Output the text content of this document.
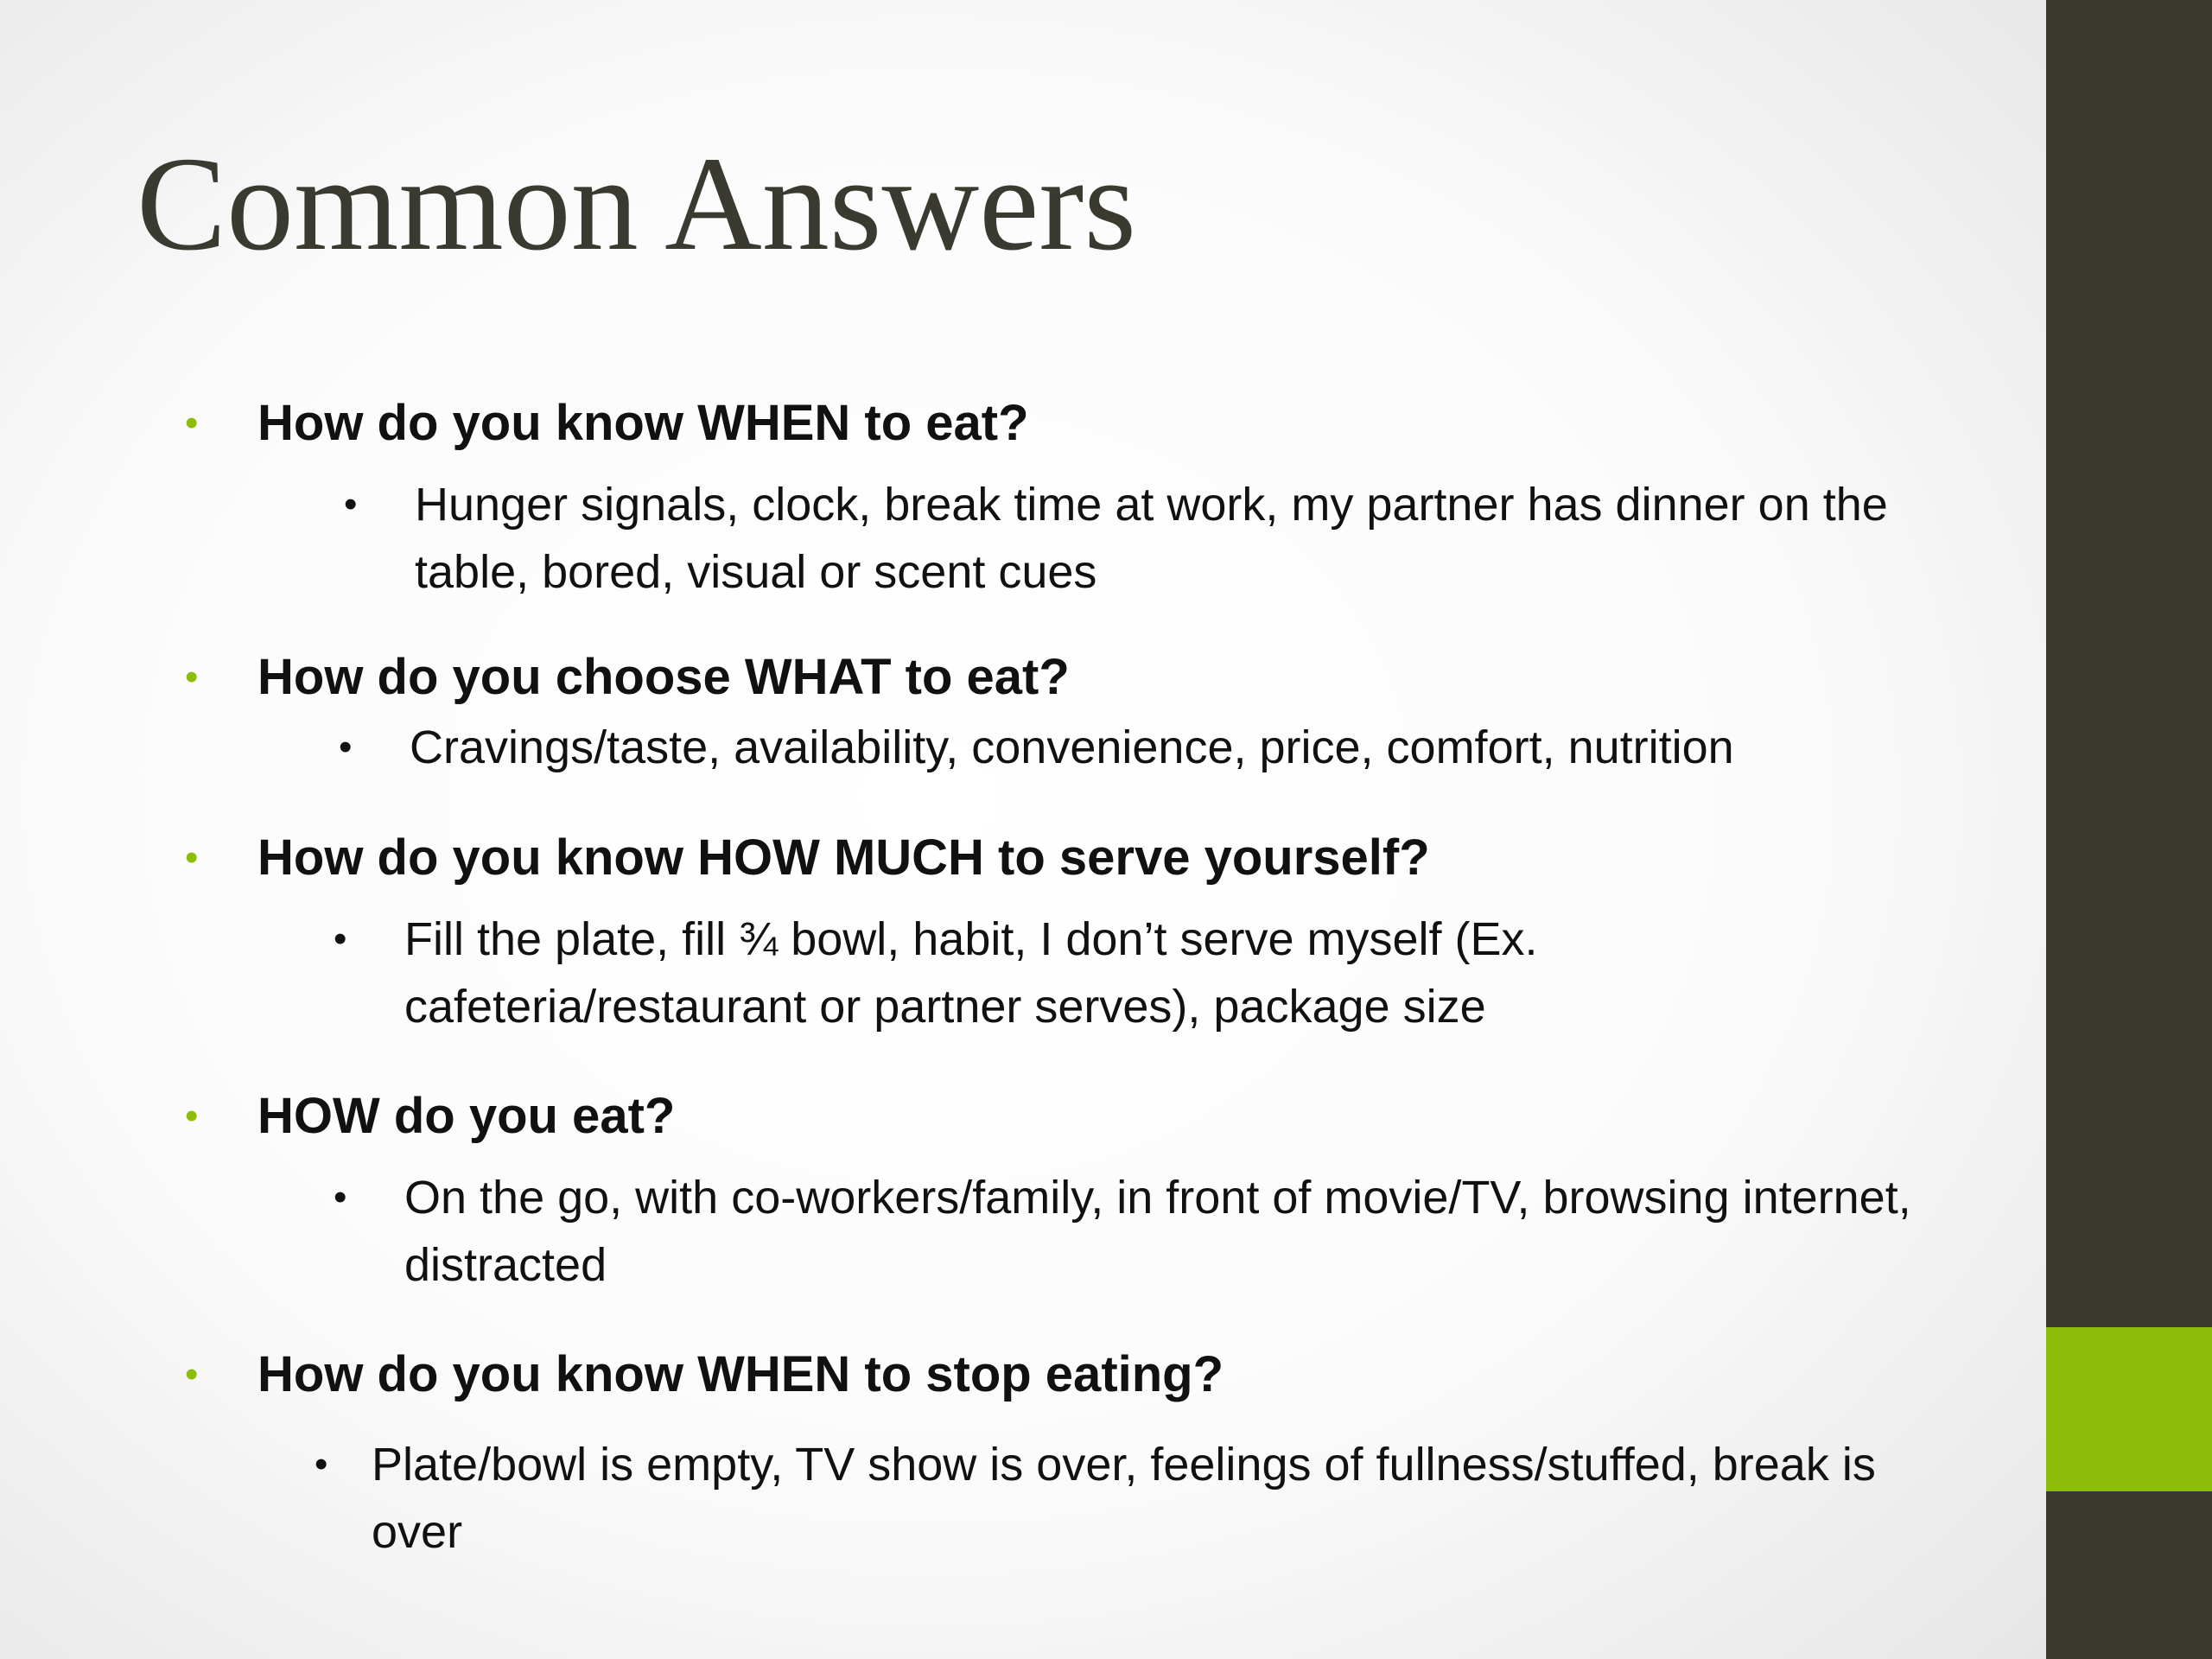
Common Answers
• How do you know WHEN to eat?

• Hunger signals, clock, break time at work, my partner has dinner on the table, bored, visual or scent cues

• How do you choose WHAT to eat?

• Cravings/taste, availability, convenience, price, comfort, nutrition

• How do you know HOW MUCH to serve yourself?

• Fill the plate, fill ¾ bowl, habit, I don’t serve myself (Ex. cafeteria/restaurant or partner serves), package size

• HOW do you eat?

• On the go, with co-workers/family, in front of movie/TV, browsing internet, distracted

• How do you know WHEN to stop eating?

• Plate/bowl is empty, TV show is over, feelings of fullness/stuffed, break is over
